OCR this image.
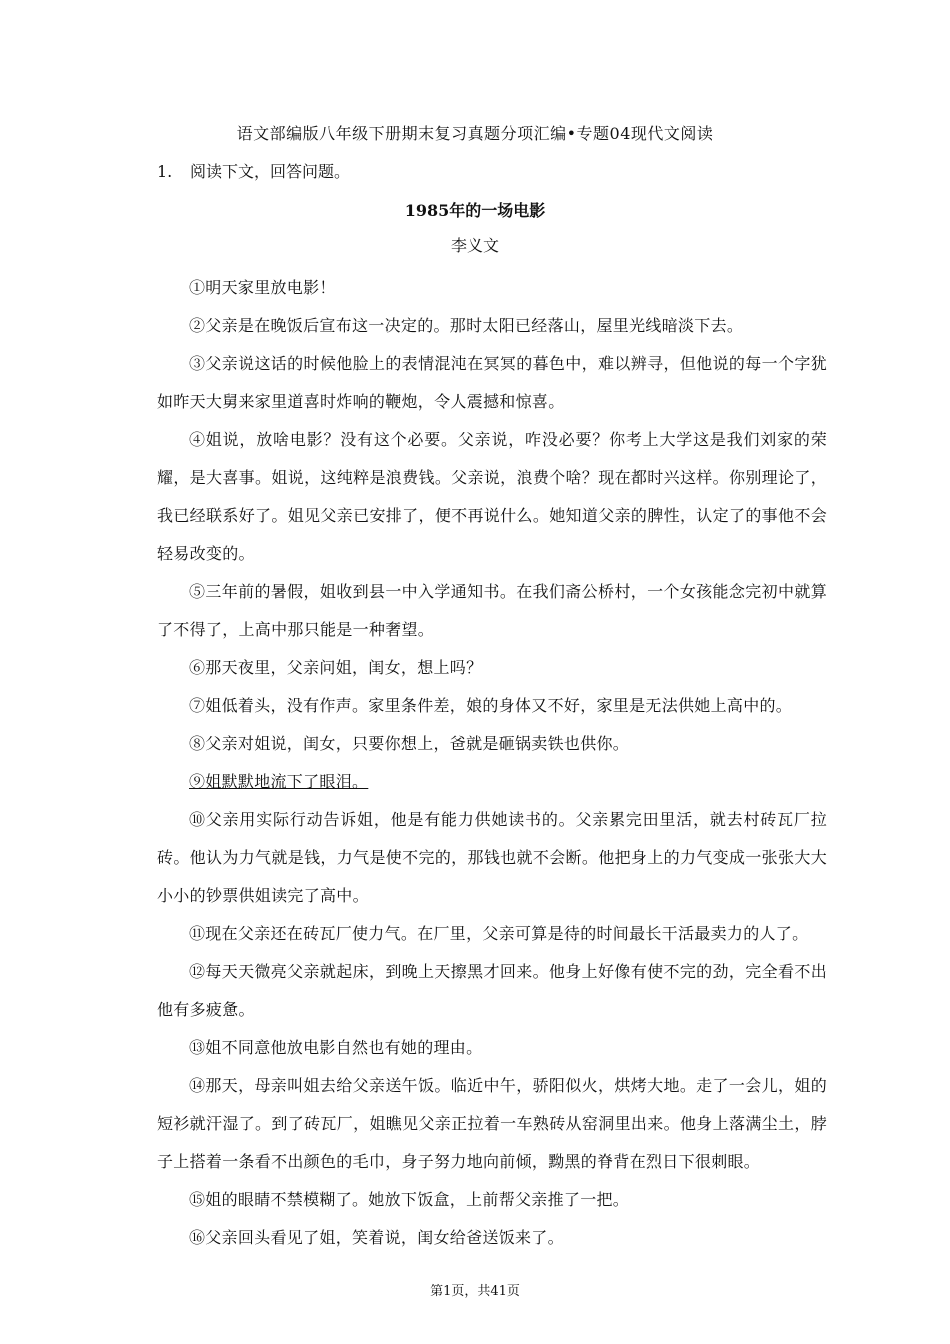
语文部编版八年级下册期末复习真题分项汇编•专题04现代文阅读
1. 阅读下文，回答问题。
1985年的一场电影
李义文

①明天家里放电影！

②父亲是在晚饭后宣布这一决定的。那时太阳已经落山，屋里光线暗淡下去。

③父亲说这话的时候他脸上的表情混沌在冥冥的暮色中，难以辨寻，但他说的每一个字犹如昨天大舅来家里道喜时炸响的鞭炮，令人震撼和惊喜。

④姐说，放啥电影？没有这个必要。父亲说，咋没必要？你考上大学这是我们刘家的荣耀，是大喜事。姐说，这纯粹是浪费钱。父亲说，浪费个啥？现在都时兴这样。你别理论了，我已经联系好了。姐见父亲已安排了，便不再说什么。她知道父亲的脾性，认定了的事他不会轻易改变的。

⑤三年前的暑假，姐收到县一中入学通知书。在我们斋公桥村，一个女孩能念完初中就算了不得了，上高中那只能是一种奢望。

⑥那天夜里，父亲问姐，闺女，想上吗？

⑦姐低着头，没有作声。家里条件差，娘的身体又不好，家里是无法供她上高中的。

⑧父亲对姐说，闺女，只要你想上，爸就是砸锅卖铁也供你。

⑨姐默默地流下了眼泪。

⑩父亲用实际行动告诉姐，他是有能力供她读书的。父亲累完田里活，就去村砖瓦厂拉砖。他认为力气就是钱，力气是使不完的，那钱也就不会断。他把身上的力气变成一张张大大小小的钞票供姐读完了高中。

⑪现在父亲还在砖瓦厂使力气。在厂里，父亲可算是待的时间最长干活最卖力的人了。

⑫每天天微亮父亲就起床，到晚上天擦黑才回来。他身上好像有使不完的劲，完全看不出他有多疲惫。

⑬姐不同意他放电影自然也有她的理由。

⑭那天，母亲叫姐去给父亲送午饭。临近中午，骄阳似火，烘烤大地。走了一会儿，姐的短衫就汗湿了。到了砖瓦厂，姐瞧见父亲正拉着一车熟砖从窑洞里出来。他身上落满尘土，脖子上搭着一条看不出颜色的毛巾，身子努力地向前倾，黝黑的脊背在烈日下很刺眼。

⑮姐的眼睛不禁模糊了。她放下饭盒，上前帮父亲推了一把。

⑯父亲回头看见了姐，笑着说，闺女给爸送饭来了。

第1页，共41页
